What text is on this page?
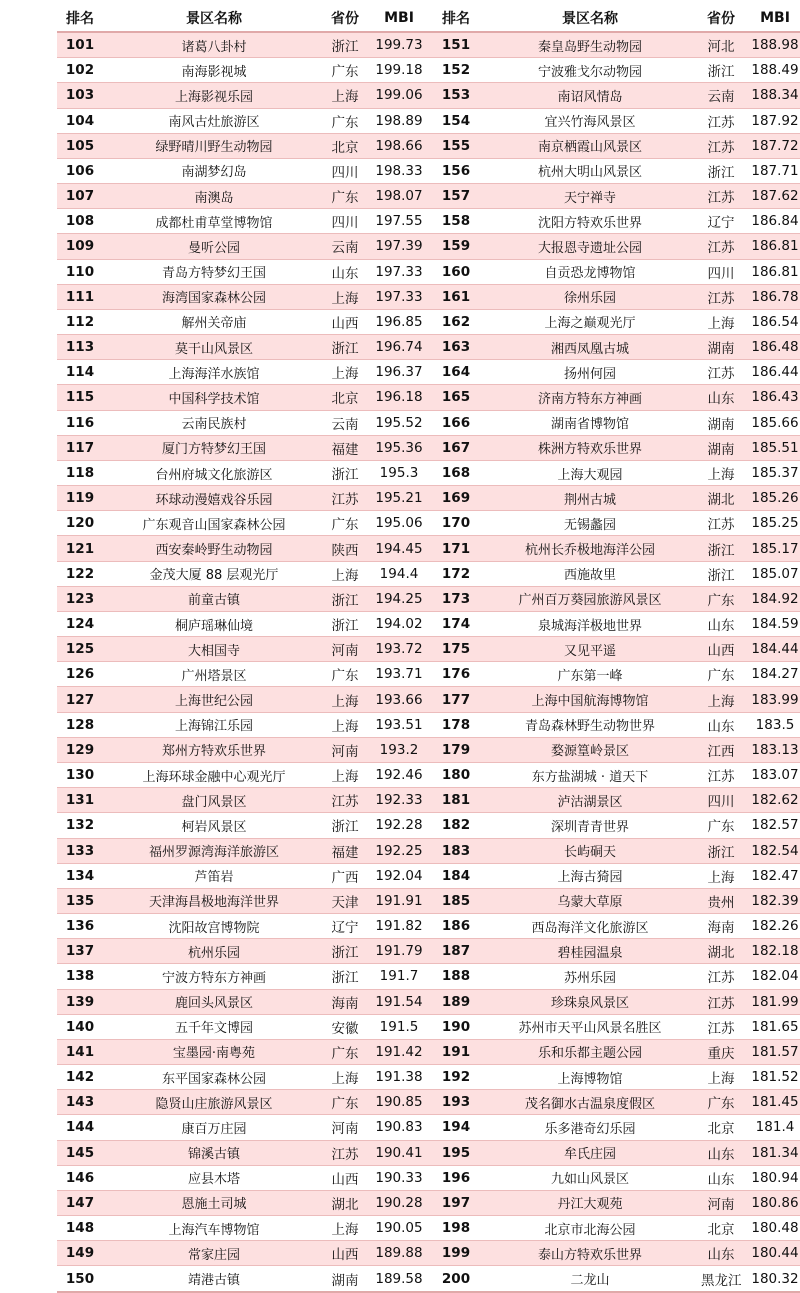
排名	景区名称	省份	MBI	排名	景区名称	省份	MBI
101	诸葛八卦村	浙江	199.73	151	秦皇岛野生动物园	河北	188.98
102	南海影视城	广东	199.18	152	宁波雅戈尔动物园	浙江	188.49
103	上海影视乐园	上海	199.06	153	南诏风情岛	云南	188.34
104	南风古灶旅游区	广东	198.89	154	宜兴竹海风景区	江苏	187.92
105	绿野晴川野生动物园	北京	198.66	155	南京栖霞山风景区	江苏	187.72
106	南湖梦幻岛	四川	198.33	156	杭州大明山风景区	浙江	187.71
107	南澳岛	广东	198.07	157	天宁禅寺	江苏	187.62
108	成都杜甫草堂博物馆	四川	197.55	158	沈阳方特欢乐世界	辽宁	186.84
109	曼听公园	云南	197.39	159	大报恩寺遗址公园	江苏	186.81
110	青岛方特梦幻王国	山东	197.33	160	自贡恐龙博物馆	四川	186.81
111	海湾国家森林公园	上海	197.33	161	徐州乐园	江苏	186.78
112	解州关帝庙	山西	196.85	162	上海之巅观光厅	上海	186.54
113	莫干山风景区	浙江	196.74	163	湘西凤凰古城	湖南	186.48
114	上海海洋水族馆	上海	196.37	164	扬州何园	江苏	186.44
115	中国科学技术馆	北京	196.18	165	济南方特东方神画	山东	186.43
116	云南民族村	云南	195.52	166	湖南省博物馆	湖南	185.66
117	厦门方特梦幻王国	福建	195.36	167	株洲方特欢乐世界	湖南	185.51
118	台州府城文化旅游区	浙江	195.3	168	上海大观园	上海	185.37
119	环球动漫嬉戏谷乐园	江苏	195.21	169	荆州古城	湖北	185.26
120	广东观音山国家森林公园	广东	195.06	170	无锡蠡园	江苏	185.25
121	西安秦岭野生动物园	陕西	194.45	171	杭州长乔极地海洋公园	浙江	185.17
122	金茂大厦 88 层观光厅	上海	194.4	172	西施故里	浙江	185.07
123	前童古镇	浙江	194.25	173	广州百万葵园旅游风景区	广东	184.92
124	桐庐瑶琳仙境	浙江	194.02	174	泉城海洋极地世界	山东	184.59
125	大相国寺	河南	193.72	175	又见平遥	山西	184.44
126	广州塔景区	广东	193.71	176	广东第一峰	广东	184.27
127	上海世纪公园	上海	193.66	177	上海中国航海博物馆	上海	183.99
128	上海锦江乐园	上海	193.51	178	青岛森林野生动物世界	山东	183.5
129	郑州方特欢乐世界	河南	193.2	179	婺源篁岭景区	江西	183.13
130	上海环球金融中心观光厅	上海	192.46	180	东方盐湖城 · 道天下	江苏	183.07
131	盘门风景区	江苏	192.33	181	泸沽湖景区	四川	182.62
132	柯岩风景区	浙江	192.28	182	深圳青青世界	广东	182.57
133	福州罗源湾海洋旅游区	福建	192.25	183	长屿硐天	浙江	182.54
134	芦笛岩	广西	192.04	184	上海古猗园	上海	182.47
135	天津海昌极地海洋世界	天津	191.91	185	乌蒙大草原	贵州	182.39
136	沈阳故宫博物院	辽宁	191.82	186	西岛海洋文化旅游区	海南	182.26
137	杭州乐园	浙江	191.79	187	碧桂园温泉	湖北	182.18
138	宁波方特东方神画	浙江	191.7	188	苏州乐园	江苏	182.04
139	鹿回头风景区	海南	191.54	189	珍珠泉风景区	江苏	181.99
140	五千年文博园	安徽	191.5	190	苏州市天平山风景名胜区	江苏	181.65
141	宝墨园·南粤苑	广东	191.42	191	乐和乐都主题公园	重庆	181.57
142	东平国家森林公园	上海	191.38	192	上海博物馆	上海	181.52
143	隐贤山庄旅游风景区	广东	190.85	193	茂名御水古温泉度假区	广东	181.45
144	康百万庄园	河南	190.83	194	乐多港奇幻乐园	北京	181.4
145	锦溪古镇	江苏	190.41	195	牟氏庄园	山东	181.34
146	应县木塔	山西	190.33	196	九如山风景区	山东	180.94
147	恩施土司城	湖北	190.28	197	丹江大观苑	河南	180.86
148	上海汽车博物馆	上海	190.05	198	北京市北海公园	北京	180.48
149	常家庄园	山西	189.88	199	泰山方特欢乐世界	山东	180.44
150	靖港古镇	湖南	189.58	200	二龙山	黑龙江	180.32
